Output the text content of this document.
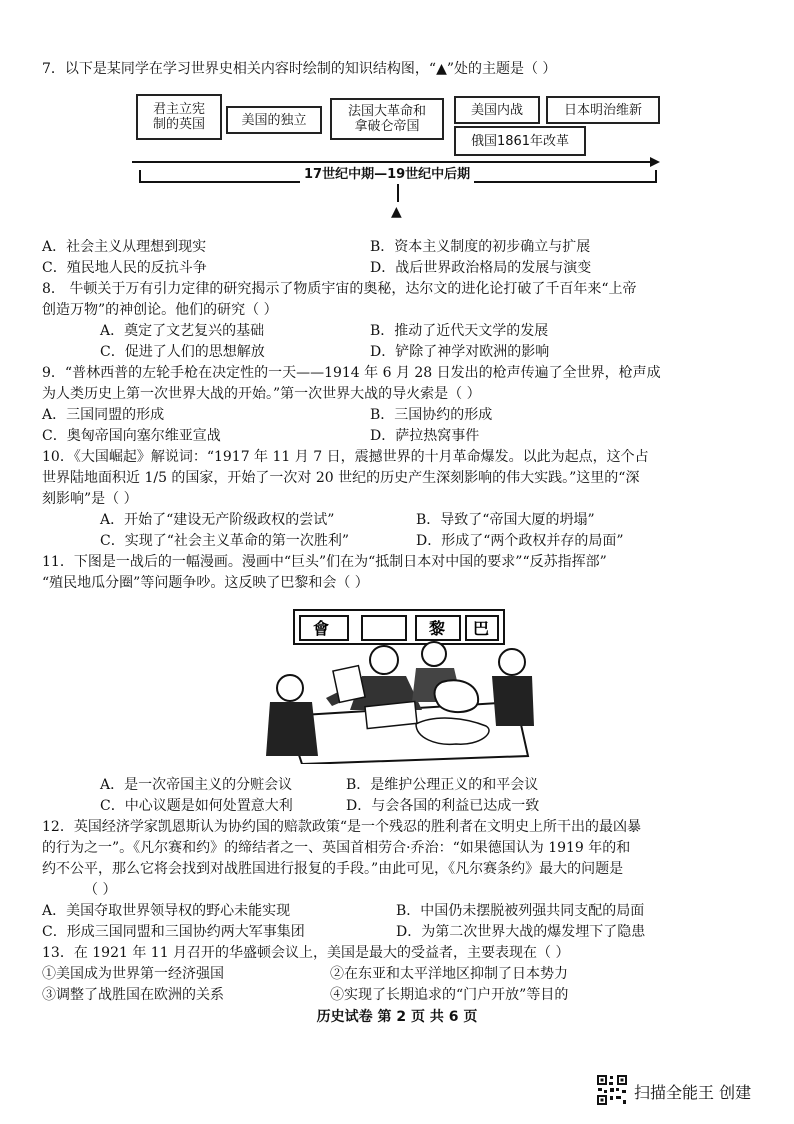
7．以下是某同学在学习世界史相关内容时绘制的知识结构图，“▲”处的主题是（ ）
君主立宪
制的英国	美国的独立
法国大革命和
拿破仑帝国
美国内战	日本明治维新
俄国1861年改革
17世纪中期—19世纪中后期
▲
A．社会主义从理想到现实	B．资本主义制度的初步确立与扩展
C．殖民地人民的反抗斗争	D．战后世界政治格局的发展与演变
8． 牛顿关于万有引力定律的研究揭示了物质宇宙的奥秘，达尔文的进化论打破了千百年来“上帝
创造万物”的神创论。他们的研究（ ）
A．奠定了文艺复兴的基础	B．推动了近代天文学的发展
C．促进了人们的思想解放	D．铲除了神学对欧洲的影响
9．“普林西普的左轮手枪在决定性的一天——1914 年 6 月 28 日发出的枪声传遍了全世界，枪声成
为人类历史上第一次世界大战的开始。”第一次世界大战的导火索是（ ）
A．三国同盟的形成	B．三国协约的形成
C．奥匈帝国向塞尔维亚宣战	D．萨拉热窝事件
10．《大国崛起》解说词：“1917 年 11 月 7 日，震撼世界的十月革命爆发。以此为起点，这个占
世界陆地面积近 1/5 的国家，开始了一次对 20 世纪的历史产生深刻影响的伟大实践。”这里的“深
刻影响”是（ ）
A．开始了“建设无产阶级政权的尝试”	B．导致了“帝国大厦的坍塌”
C．实现了“社会主义革命的第一次胜利”	D．形成了“两个政权并存的局面”
11．下图是一战后的一幅漫画。漫画中“巨头”们在为“抵制日本对中国的要求”“反苏指挥部”
“殖民地瓜分圈”等问题争吵。这反映了巴黎和会（ ）
會	黎 巴
A．是一次帝国主义的分赃会议	B．是维护公理正义的和平会议
C．中心议题是如何处置意大利	D．与会各国的利益已达成一致
12．英国经济学家凯恩斯认为协约国的赔款政策“是一个残忍的胜利者在文明史上所干出的最凶暴
的行为之一”。《凡尔赛和约》的缔结者之一、英国首相劳合·乔治：“如果德国认为 1919 年的和
约不公平，那么它将会找到对战胜国进行报复的手段。”由此可见，《凡尔赛条约》最大的问题是
（ ）
A．美国夺取世界领导权的野心未能实现	B．中国仍未摆脱被列强共同支配的局面
C．形成三国同盟和三国协约两大军事集团	D．为第二次世界大战的爆发埋下了隐患
13．在 1921 年 11 月召开的华盛顿会议上，美国是最大的受益者，主要表现在（ ）
①美国成为世界第一经济强国	②在东亚和太平洋地区抑制了日本势力
③调整了战胜国在欧洲的关系	④实现了长期追求的“门户开放”等目的
历史试卷 第 2 页 共 6 页
扫描全能王 创建
